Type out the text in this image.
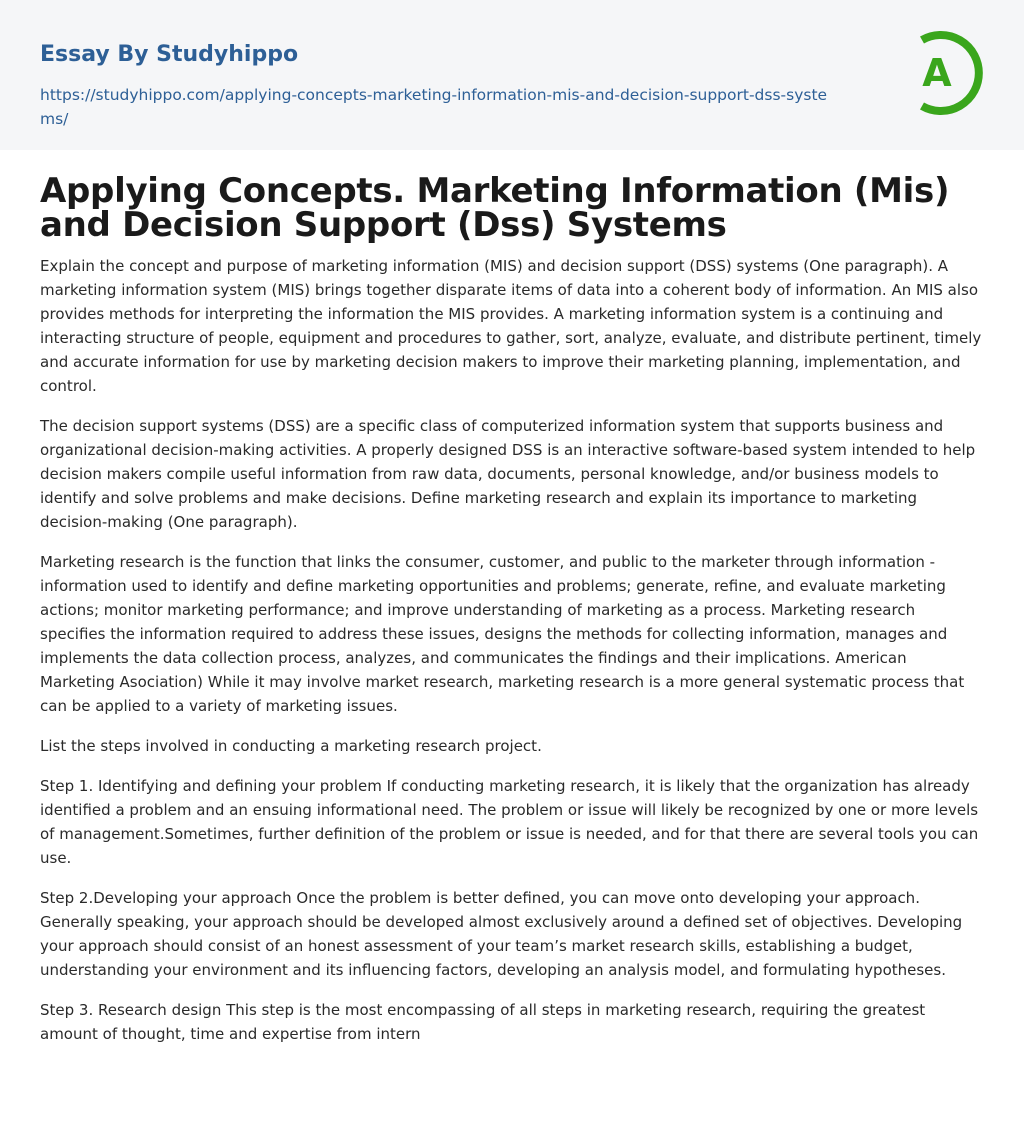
Essay By Studyhippo
https://studyhippo.com/applying-concepts-marketing-information-mis-and-decision-support-dss-systems/
A
Applying Concepts. Marketing Information (Mis) and Decision Support (Dss) Systems

Explain the concept and purpose of marketing information (MIS) and decision support (DSS) systems (One paragraph). A marketing information system (MIS) brings together disparate items of data into a coherent body of information. An MIS also provides methods for interpreting the information the MIS provides. A marketing information system is a continuing and interacting structure of people, equipment and procedures to gather, sort, analyze, evaluate, and distribute pertinent, timely and accurate information for use by marketing decision makers to improve their marketing planning, implementation, and control.

The decision support systems (DSS) are a specific class of computerized information system that supports business and organizational decision-making activities. A properly designed DSS is an interactive software-based system intended to help decision makers compile useful information from raw data, documents, personal knowledge, and/or business models to identify and solve problems and make decisions. Define marketing research and explain its importance to marketing decision-making (One paragraph).

Marketing research is the function that links the consumer, customer, and public to the marketer through information - information used to identify and define marketing opportunities and problems; generate, refine, and evaluate marketing actions; monitor marketing performance; and improve understanding of marketing as a process. Marketing research specifies the information required to address these issues, designs the methods for collecting information, manages and implements the data collection process, analyzes, and communicates the findings and their implications. American Marketing Asociation) While it may involve market research, marketing research is a more general systematic process that can be applied to a variety of marketing issues.

List the steps involved in conducting a marketing research project.

Step 1. Identifying and defining your problem If conducting marketing research, it is likely that the organization has already identified a problem and an ensuing informational need. The problem or issue will likely be recognized by one or more levels of management.Sometimes, further definition of the problem or issue is needed, and for that there are several tools you can use.

Step 2.Developing your approach Once the problem is better defined, you can move onto developing your approach. Generally speaking, your approach should be developed almost exclusively around a defined set of objectives. Developing your approach should consist of an honest assessment of your team’s market research skills, establishing a budget, understanding your environment and its influencing factors, developing an analysis model, and formulating hypotheses.

Step 3. Research design This step is the most encompassing of all steps in marketing research, requiring the greatest amount of thought, time and expertise from intern
